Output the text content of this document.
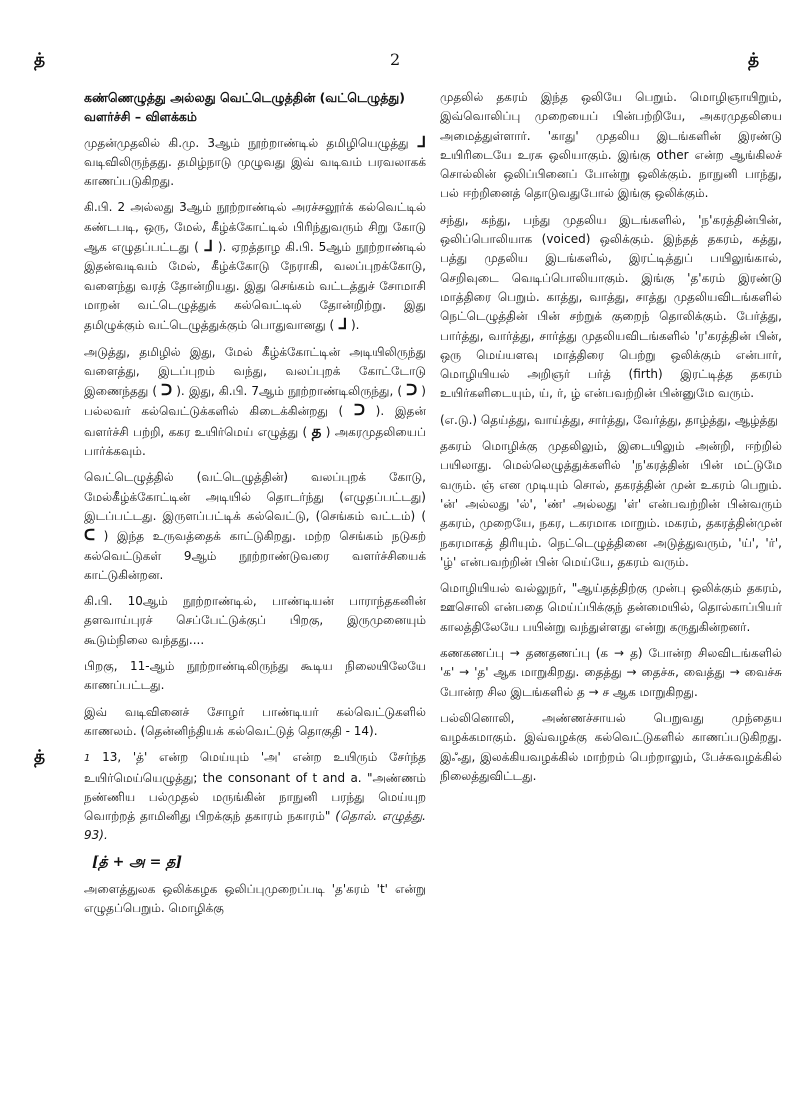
த்	2	த்

கண்ணெழுத்து அல்லது வெட்டெழுத்தின் (வட்டெழுத்து) வளர்ச்சி – விளக்கம்

முதன்முதலில் கி.மு. 3ஆம் நூற்றாண்டில் தமிழியெழுத்து ᒧ வடிவிலிருந்தது. தமிழ்நாடு முழுவது இவ் வடிவம் பரவலாகக் காணப்படுகிறது.

கி.பி. 2 அல்லது 3ஆம் நூற்றாண்டில் அரச்சலூர்க் கல்வெட்டில் கண்டபடி, ஒரு, மேல், கீழ்க்கோட்டில் பிரிந்துவரும் சிறு கோடு ஆக எழுதப்பட்டது ( ᒧ ). ஏறத்தாழ கி.பி. 5ஆம் நூற்றாண்டில் இதன்வடிவம் மேல், கீழ்க்கோடு நேராகி, வலப்புறக்கோடு, வளைந்து வரத் தோன்றியது. இது செங்கம் வட்டத்துச் சோமாசி மாறன் வட்டெழுத்துக் கல்வெட்டில் தோன்றிற்று. இது தமிழுக்கும் வட்டெழுத்துக்கும் பொதுவானது ( ᒧ ).

அடுத்து, தமிழில் இது, மேல் கீழ்க்கோட்டின் அடியிலிருந்து வளைத்து, இடப்புறம் வந்து, வலப்புறக் கோட்டோடு இணைந்தது ( ᑐ ). இது, கி.பி. 7ஆம் நூற்றாண்டிலிருந்து, ( ᑐ ) பல்லவர் கல்வெட்டுக்களில் கிடைக்கின்றது ( ᑐ ). இதன் வளர்ச்சி பற்றி, ககர உயிர்மெய் எழுத்து ( த ) அகரமுதலியைப் பார்க்கவும்.

வெட்டெழுத்தில் (வட்டெழுத்தின்) வலப்புறக் கோடு, மேல்கீழ்க்கோட்டின் அடியில் தொடர்ந்து (எழுதப்பட்டது) இடப்பட்டது. இருளப்பட்டிக் கல்வெட்டு, (செங்கம் வட்டம்) ( ᑕ ) இந்த உருவத்தைக் காட்டுகிறது. மற்ற செங்கம் நடுகற் கல்வெட்டுகள் 9ஆம் நூற்றாண்டுவரை வளர்ச்சியைக் காட்டுகின்றன.

கி.பி. 10ஆம் நூற்றாண்டில், பாண்டியன் பாராந்தகனின் தளவாய்புரச் செப்பேட்டுக்குப் பிறகு, இருமுனையும் கூடும்நிலை வந்தது....

பிறகு, 11-ஆம் நூற்றாண்டிலிருந்து கூடிய நிலையிலேயே காணப்பட்டது.

இவ் வடிவினைச் சோழர் பாண்டியர் கல்வெட்டுகளில் காணலம். (தென்னிந்தியக் கல்வெட்டுத் தொகுதி - 14).

த்	1 13, 'த்' என்ற மெய்யும் 'அ' என்ற உயிரும் சேர்ந்த உயிர்மெய்யெழுத்து; the consonant of t and a. "அண்ணம் நண்ணிய பல்முதல் மருங்கின் நாநுனி பரந்து மெய்யுற வொற்றத் தாமினிது பிறக்குந் தகாரம் நகாரம்" (தொல். எழுத்து. 93).

[த் + அ = த]

அளைத்துலக ஒலிக்கழக ஒலிப்புமுறைப்படி 'த'கரம் 't' என்று எழுதப்பெறும். மொழிக்கு

முதலில் தகரம் இந்த ஒலியே பெறும். மொழிஞாயிறும், இவ்வொலிப்பு முறையைப் பின்பற்றியே, அகரமுதலியை அமைத்துள்ளார். 'காது' முதலிய இடங்களின் இரண்டு உயிரிடையே உரசு ஒலியாகும். இங்கு other என்ற ஆங்கிலச் சொல்லின் ஒலிப்பினைப் போன்று ஒலிக்கும். நாநுனி பாந்து, பல் ஈற்றினைத் தொடுவதுபோல் இங்கு ஒலிக்கும்.

சந்து, கந்து, பந்து முதலிய இடங்களில், 'ந'கரத்தின்பின், ஒலிப்பொலியாக (voiced) ஒலிக்கும். இந்தத் தகரம், கத்து, பத்து முதலிய இடங்களில், இரட்டித்துப் பயிலுங்கால், செறிவுடை வெடிப்பொலியாகும். இங்கு 'த'கரம் இரண்டு மாத்திரை பெறும். காத்து, வாத்து, சாத்து முதலியவிடங்களில் நெட்டெழுத்தின் பின் சற்றுக் குறைந் தொலிக்கும். பேர்த்து, பார்த்து, வார்த்து, சார்த்து முதலியவிடங்களில் 'ர'கரத்தின் பின், ஒரு மெய்யளவு மாத்திரை பெற்று ஒலிக்கும் என்பார், மொழியியல் அறிஞர் பர்த் (firth) இரட்டித்த தகரம் உயிர்களிடையும், ய், ர், ழ் என்பவற்றின் பின்னுமே வரும்.

(எ.டு.) தெய்த்து, வாய்த்து, சார்த்து, வேர்த்து, தாழ்த்து, ஆழ்த்து

தகரம் மொழிக்கு முதலிலும், இடையிலும் அன்றி, ஈற்றில் பயிலாது. மெல்லெழுத்துக்களில் 'ந'கரத்தின் பின் மட்டுமே வரும். ஞ் என முடியும் சொல், தகரத்தின் முன் உகரம் பெறும். 'ன்' அல்லது 'ல்', 'ண்' அல்லது 'ள்' என்பவற்றின் பின்வரும் தகரம், முறையே, நகர, டகரமாக மாறும். மகரம், தகரத்தின்முன் நகரமாகத் திரியும். நெட்டெழுத்தினை அடுத்துவரும், 'ய்', 'ர்', 'ழ்' என்பவற்றின் பின் மெய்யே, தகரம் வரும்.

மொழியியல் வல்லுநர், "ஆய்தத்திற்கு முன்பு ஒலிக்கும் தகரம், ஊசொலி என்பதை மெய்ப்பிக்குந் தன்மையில், தொல்காப்பியர் காலத்திலேயே பயின்று வந்துள்ளது என்று கருதுகின்றனர்.

கணகணப்பு → தணதணப்பு (க → த) போன்ற சிலவிடங்களில் 'க' → 'த' ஆக மாறுகிறது. தைத்து → தைச்சு, வைத்து → வைச்சு போன்ற சில இடங்களில் த → ச ஆக மாறுகிறது.

பல்லினொலி, அண்ணச்சாயல் பெறுவது முந்தைய வழக்கமாகும். இவ்வழக்கு கல்வெட்டுகளில் காணப்படுகிறது. இஃது, இலக்கியவழக்கில் மாற்றம் பெற்றாலும், பேச்சுவழக்கில் நிலைத்துவிட்டது.
